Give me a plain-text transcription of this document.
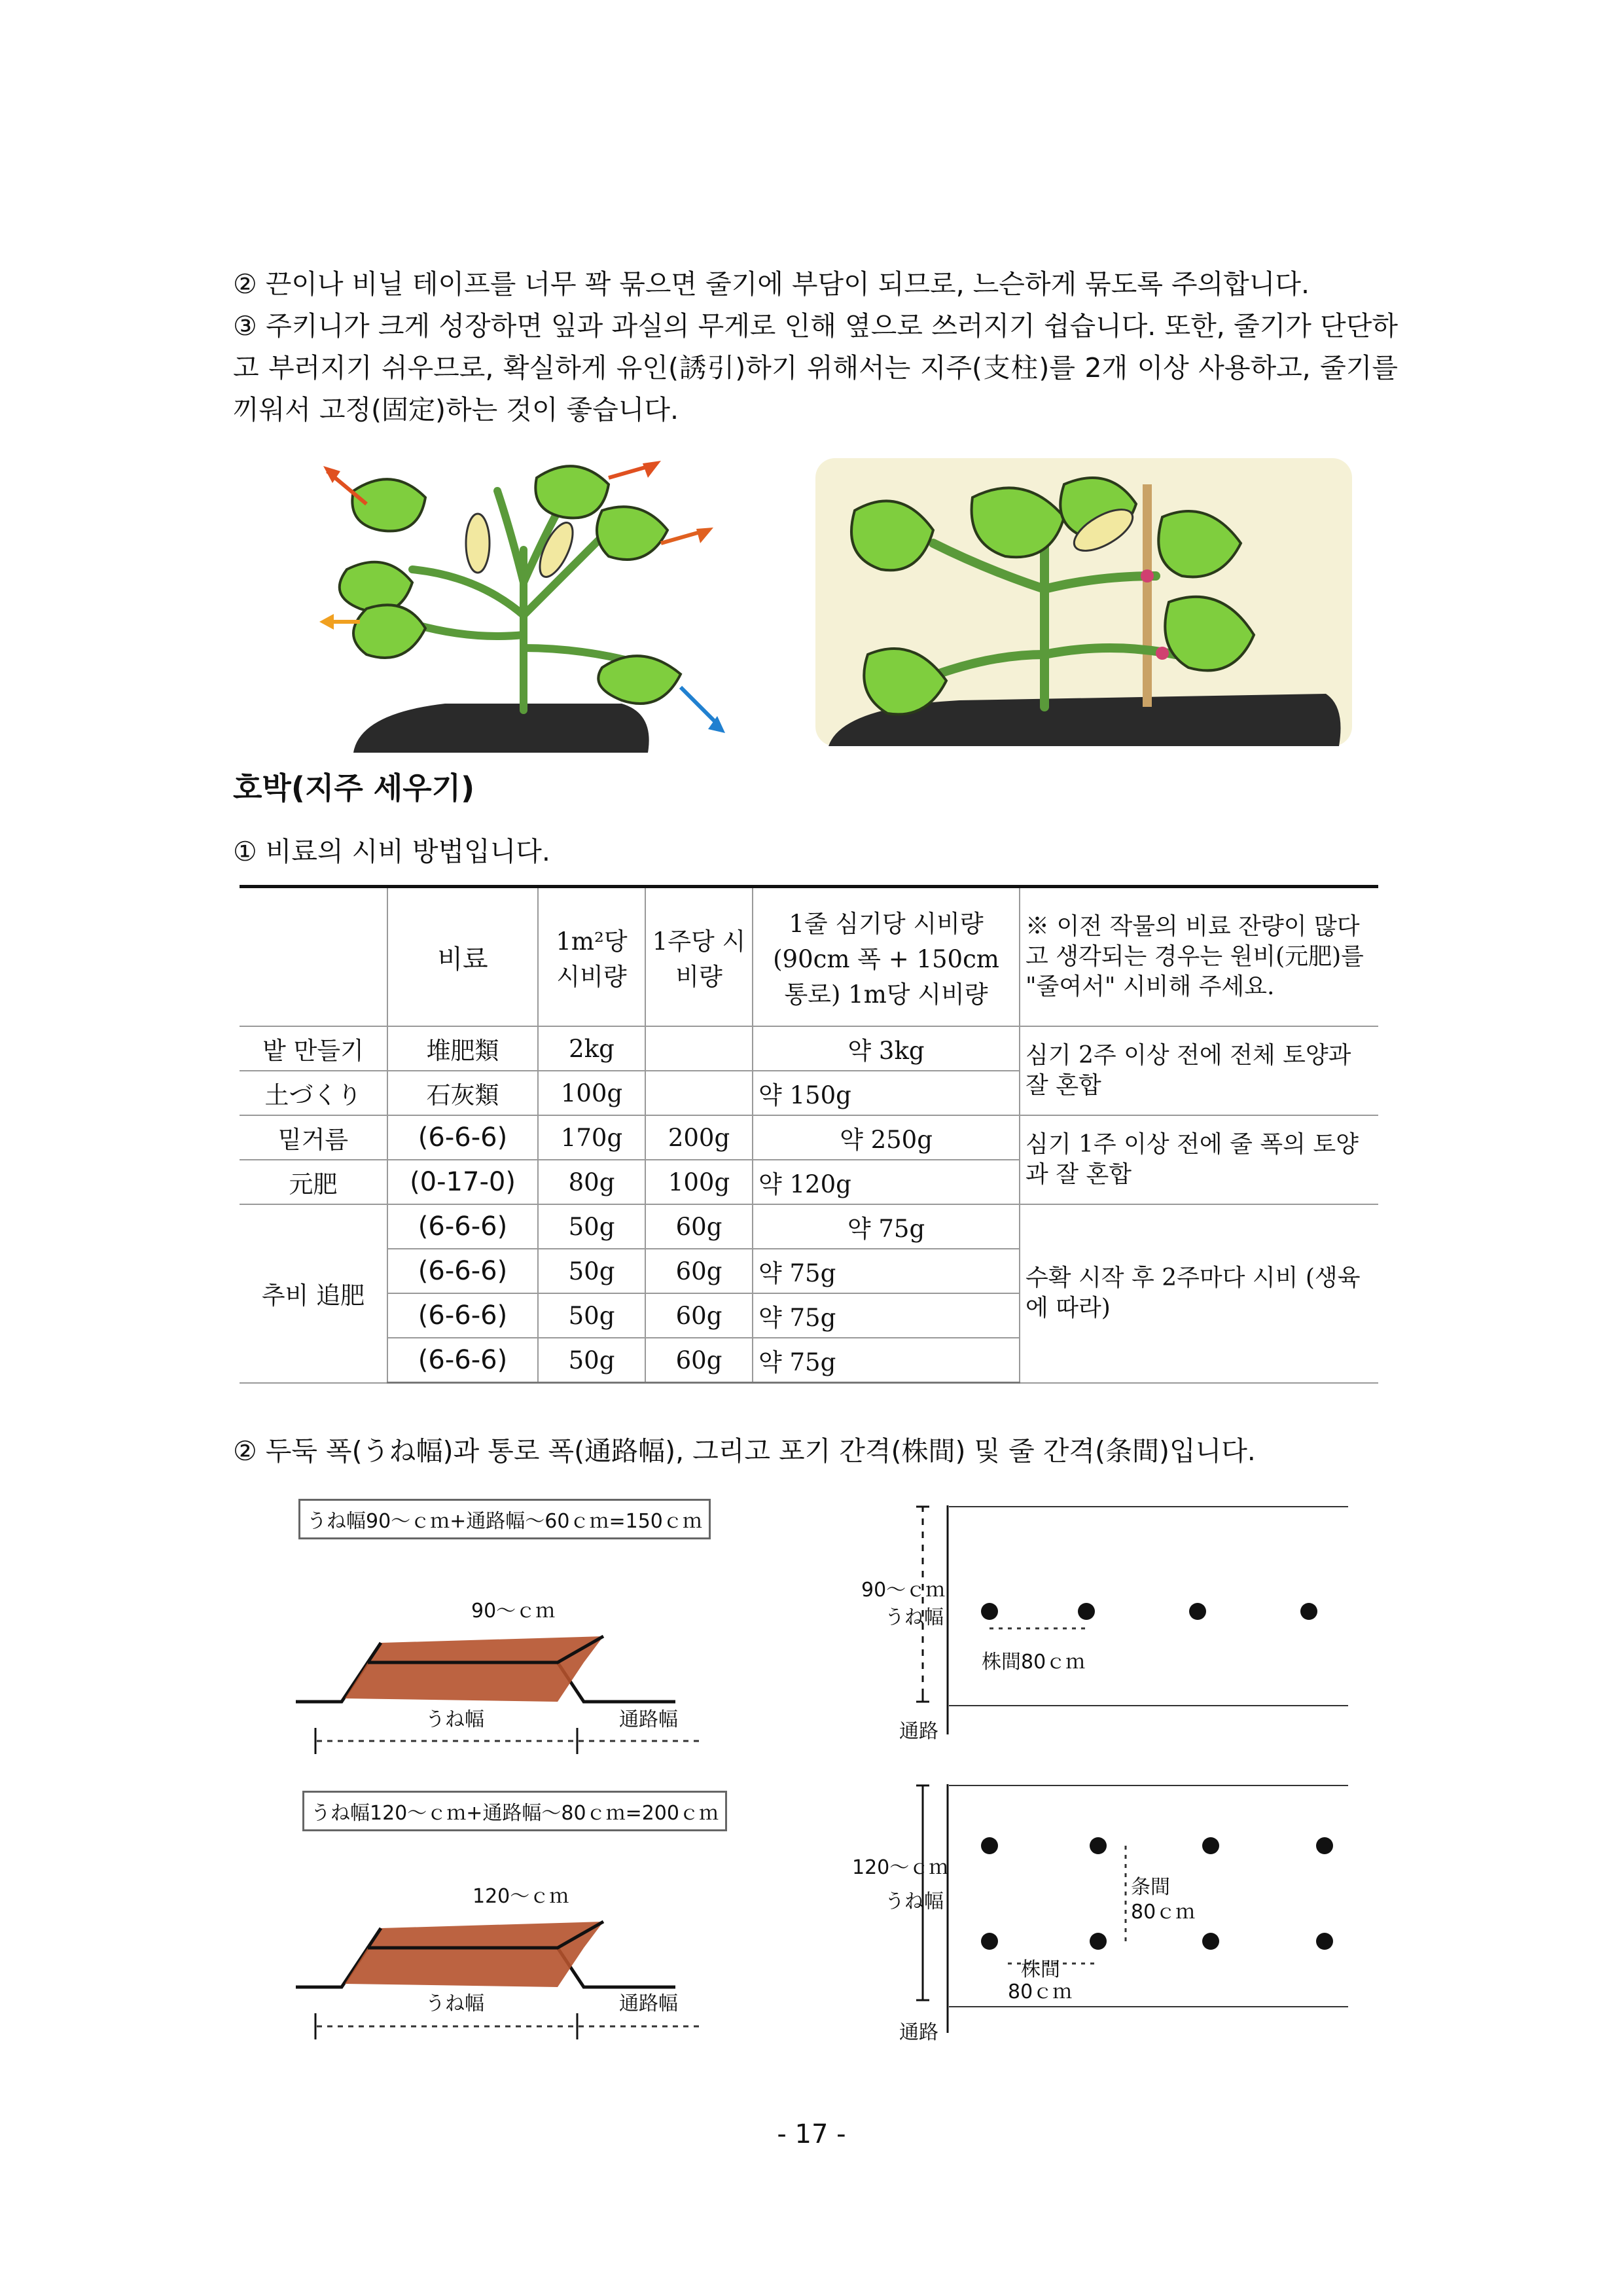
② 끈이나 비닐 테이프를 너무 꽉 묶으면 줄기에 부담이 되므로, 느슨하게 묶도록 주의합니다.

③ 주키니가 크게 성장하면 잎과 과실의 무게로 인해 옆으로 쓰러지기 쉽습니다. 또한, 줄기가 단단하고 부러지기 쉬우므로, 확실하게 유인(誘引)하기 위해서는 지주(支柱)를 2개 이상 사용하고, 줄기를 끼워서 고정(固定)하는 것이 좋습니다.

호박(지주 세우기)
① 비료의 시비 방법입니다.
	비료	1m²당 시비량	1주당 시비량	1줄 심기당 시비량 (90cm 폭 + 150cm 통로) 1m당 시비량	※ 이전 작물의 비료 잔량이 많다고 생각되는 경우는 원비(元肥)를 "줄여서" 시비해 주세요.
밭 만들기	堆肥類	2kg		약 3kg	심기 2주 이상 전에 전체 토양과 잘 혼합
土づくり	石灰類	100g		약 150g	
밑거름	(6-6-6)	170g	200g	약 250g	심기 1주 이상 전에 줄 폭의 토양과 잘 혼합
元肥	(0-17-0)	80g	100g	약 120g	
추비 追肥	(6-6-6)	50g	60g	약 75g	수확 시작 후 2주마다 시비 (생육에 따라)
	(6-6-6)	50g	60g	약 75g	
	(6-6-6)	50g	60g	약 75g	
	(6-6-6)	50g	60g	약 75g	
② 두둑 폭(うね幅)과 통로 폭(通路幅), 그리고 포기 간격(株間) 및 줄 간격(条間)입니다.
うね幅90～ｃｍ+通路幅～60ｃｍ=150ｃｍ
90～ｃｍ
うね幅	通路幅
うね幅120～ｃｍ+通路幅～80ｃｍ=200ｃｍ
120～ｃｍ
うね幅	通路幅
90～ｃｍ
うね幅
株間80ｃｍ
通路
120～ｃｍ
うね幅
条間
80ｃｍ
株間
80ｃｍ
通路
- 17 -
